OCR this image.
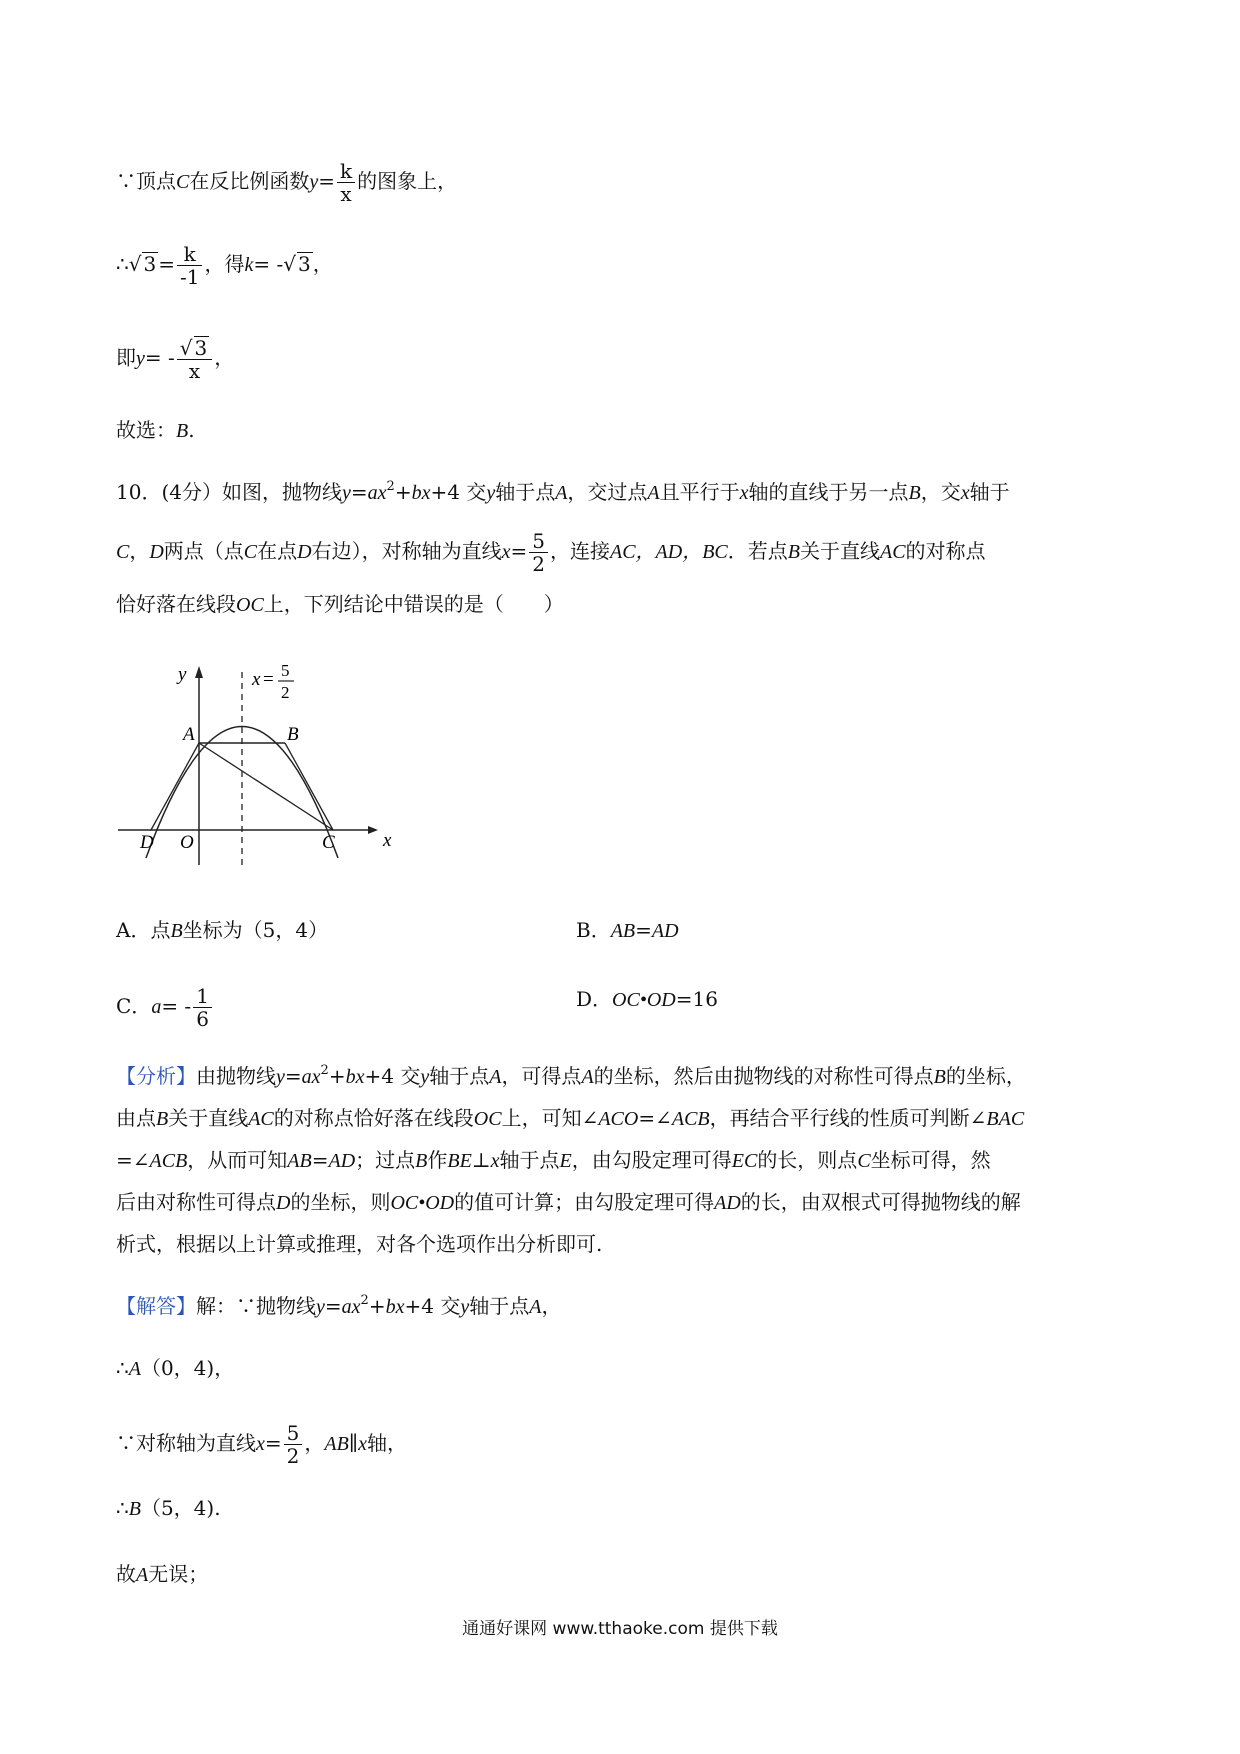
∵顶点C在反比例函数$y= \frac{k}{x}$ 的图象上，
∴√ $3 = \frac{k}{-1}$ ，得k= -√ 3 ，
即$y= - \frac{√ 3}{x}$ ，
故选：B.
10．(4分）如图，抛物线$y=ax^2+bx+4$ 交y轴于点A，交过点A且平行于x轴的直线于另一点B，交x轴于
C，D两点（点C在点D右边），对称轴为直线$x= \frac{5}{2}$ ，连接AC，AD，BC．若点B关于直线AC的对称点
恰好落在线段OC上，下列结论中错误的是（　　）
y
x
A	B
C
D O
x = 5
2
A．点B坐标为（5，4）	B．AB=AD
C．$a= - \frac{1}{6}$	D．OC•OD=16
【分析】由抛物线$y=ax^2+bx+4$ 交y轴于点A，可得点A的坐标，然后由抛物线的对称性可得点B的坐标，
由点B关于直线AC的对称点恰好落在线段OC上，可知∠ACO=∠ACB，再结合平行线的性质可判断∠BAC
=∠ACB，从而可知AB=AD；过点B作BE⊥x轴于点E，由勾股定理可得EC的长，则点C坐标可得，然
后由对称性可得点D的坐标，则OC•OD的值可计算；由勾股定理可得AD的长，由双根式可得抛物线的解
析式，根据以上计算或推理，对各个选项作出分析即可.
【解答】解：∵抛物线$y=ax^2+bx+4$ 交y轴于点A，
∴A（0，4)，
∵对称轴为直线$x= \frac{5}{2}$ ，AB∥x轴，
∴B（5，4).
故A无误；
通通好课网 www.tthaoke.com 提供下载
